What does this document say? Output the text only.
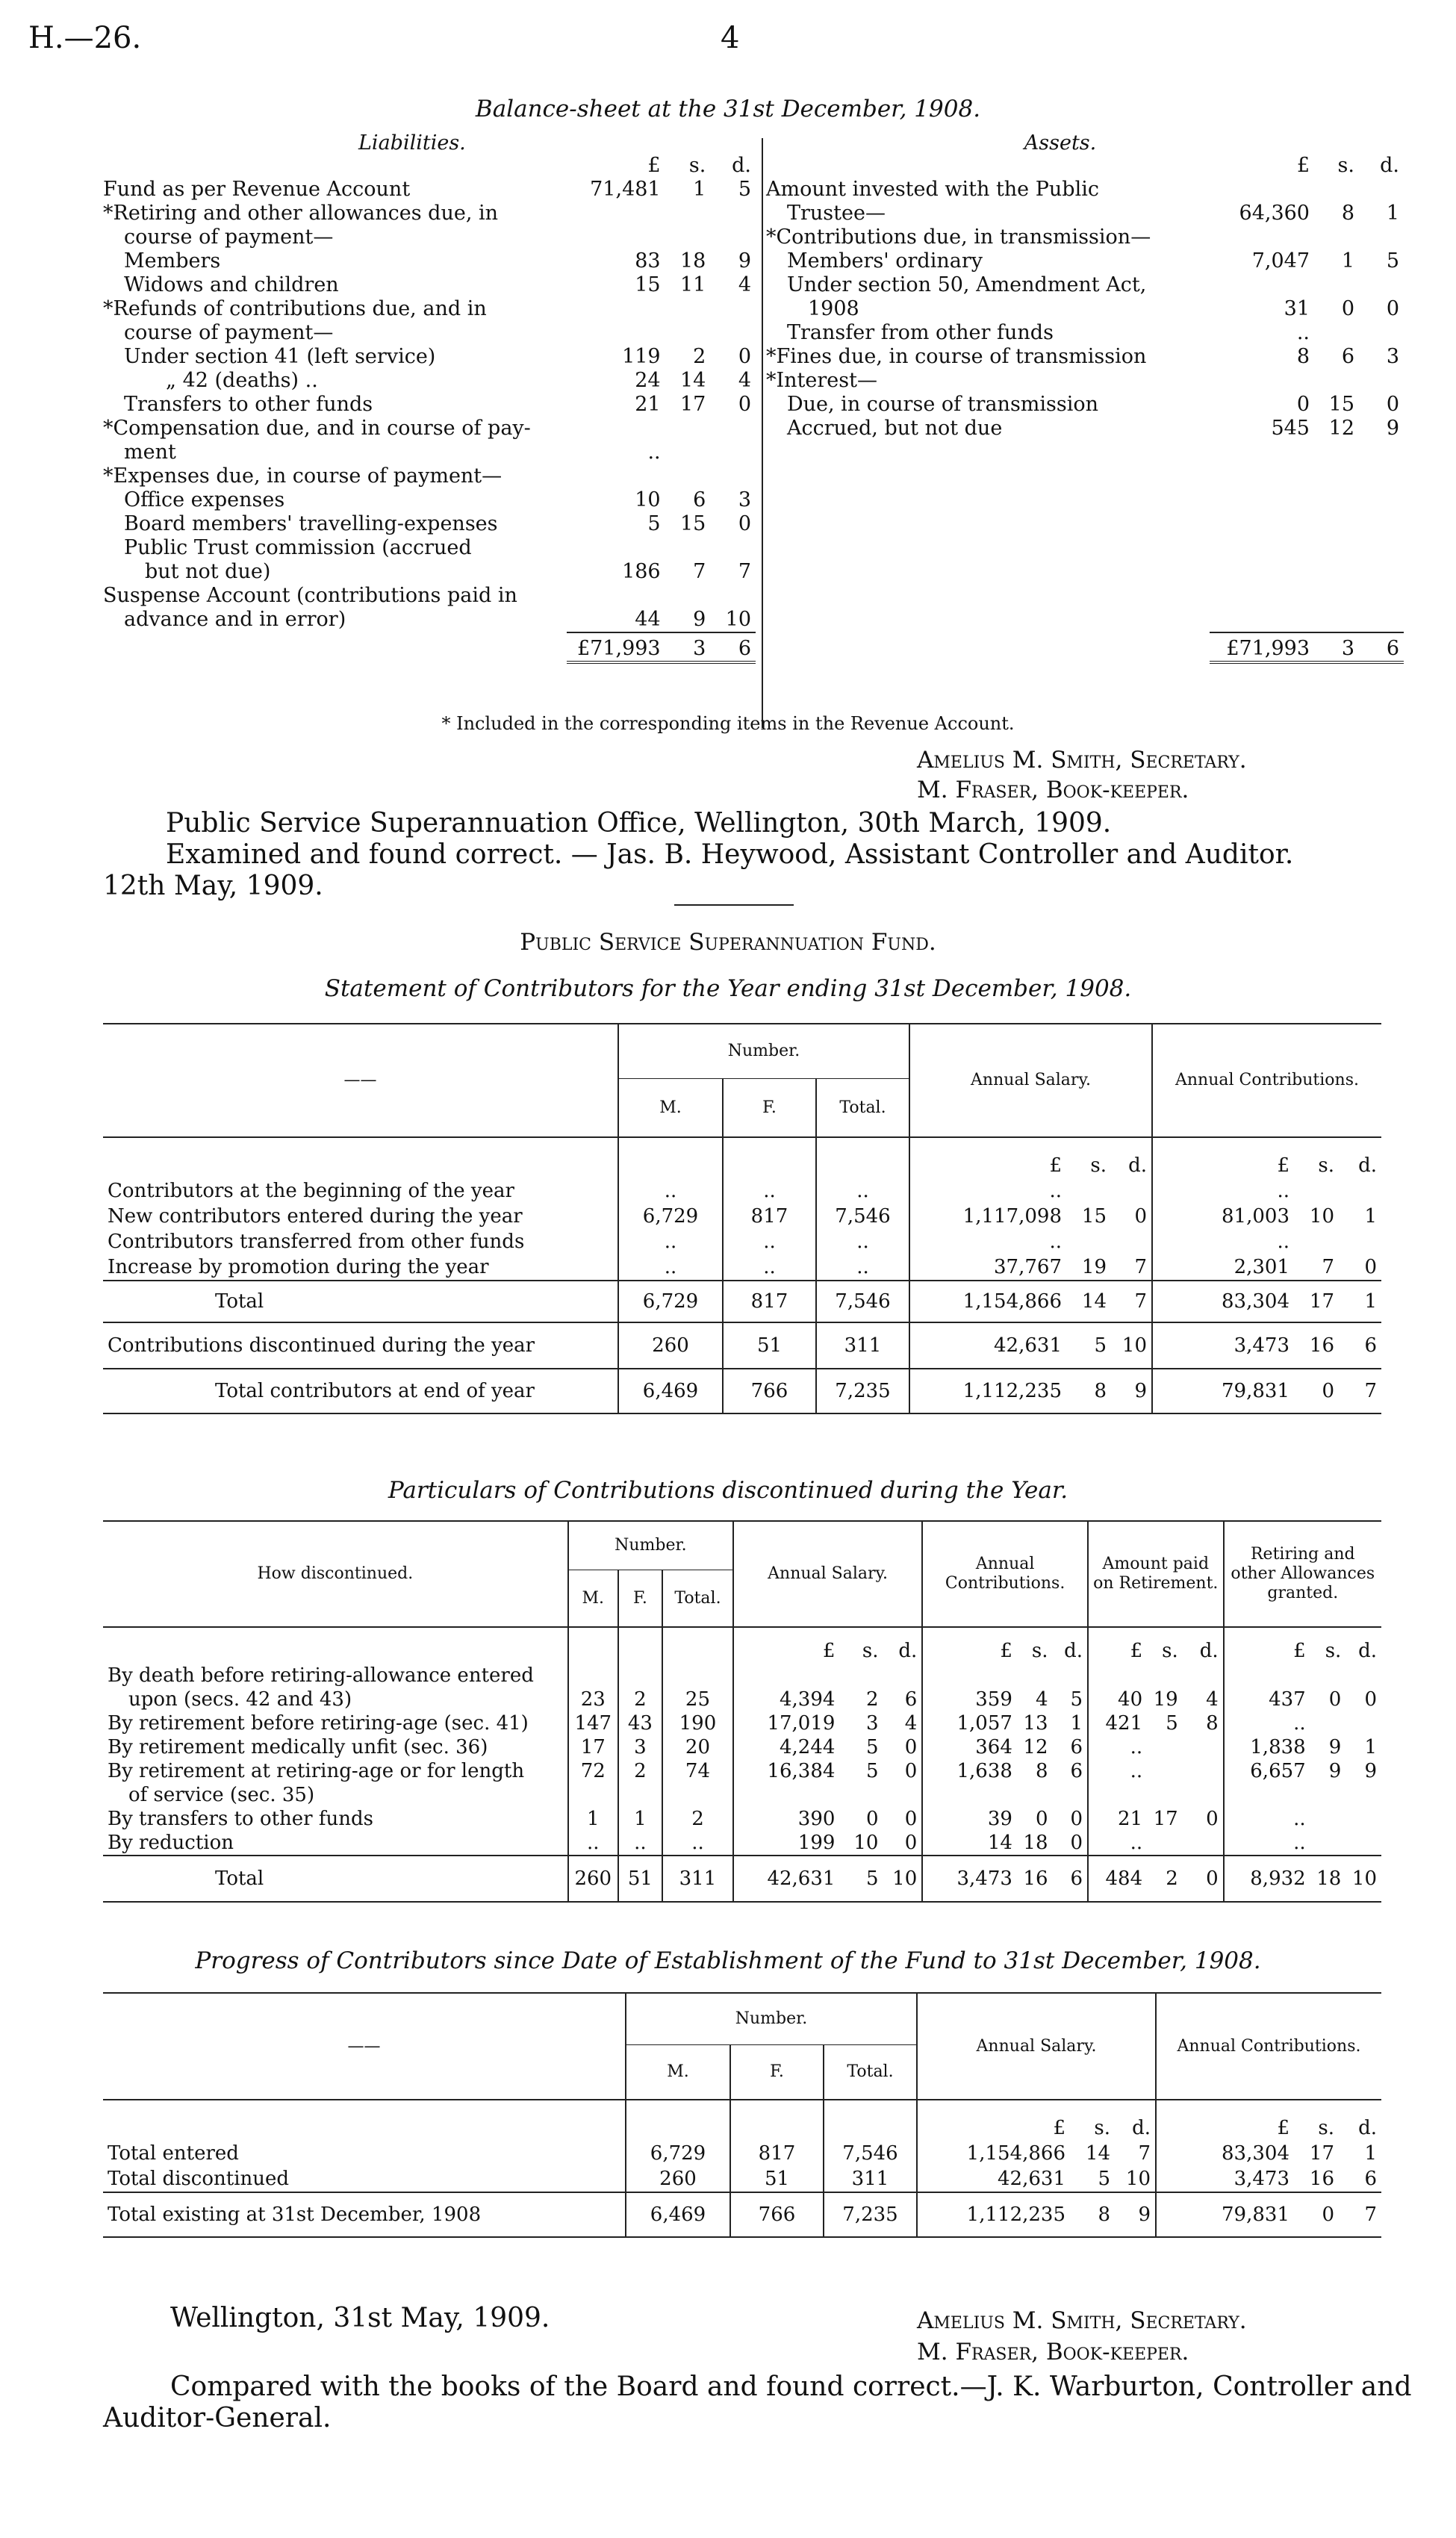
H.—26.	4
Balance-sheet at the 31st December, 1908.
Liabilities.	Assets.
	£	s.	d.
Fund as per Revenue Account	71,481	1	5
*Retiring and other allowances due, in			
course of payment—			
Members	83	18	9
Widows and children	15	11	4
*Refunds of contributions due, and in			
course of payment—			
Under section 41 (left service)	119	2	0
„ 42 (deaths) ..	24	14	4
Transfers to other funds	21	17	0
*Compensation due, and in course of pay-			
ment	..		
*Expenses due, in course of payment—			
Office expenses	10	6	3
Board members' travelling-expenses	5	15	0
Public Trust commission (accrued			
but not due)	186	7	7
Suspense Account (contributions paid in			
advance and in error)	44	9	10
	£71,993	3	6
	£	s.	d.
Amount invested with the Public			
Trustee—	64,360	8	1
*Contributions due, in transmission—			
Members' ordinary	7,047	1	5
Under section 50, Amendment Act,			
1908	31	0	0
Transfer from other funds	..		
*Fines due, in course of transmission	8	6	3
*Interest—			
Due, in course of transmission	0	15	0
Accrued, but not due	545	12	9

	£71,993	3	6
* Included in the corresponding items in the Revenue Account.
Amelius M. Smith, Secretary.
M. Fraser, Book-keeper.
Public Service Superannuation Office, Wellington, 30th March, 1909.
Examined and found correct. — Jas. B. Heywood, Assistant Controller and Auditor.
12th May, 1909.
Public Service Superannuation Fund.
Statement of Contributors for the Year ending 31st December, 1908.
——	Number.			Annual Salary.			Annual Contributions.		
	M.	F.	Total.						
				£	s.	d.	£	s.	d.
Contributors at the beginning of the year	..	..	..	..			..		
New contributors entered during the year	6,729	817	7,546	1,117,098	15	0	81,003	10	1
Contributors transferred from other funds	..	..	..	..			..		
Increase by promotion during the year	..	..	..	37,767	19	7	2,301	7	0
Total	6,729	817	7,546	1,154,866	14	7	83,304	17	1
Contributions discontinued during the year	260	51	311	42,631	5	10	3,473	16	6
Total contributors at end of year	6,469	766	7,235	1,112,235	8	9	79,831	0	7
Particulars of Contributions discontinued during the Year.
How discontinued.	Number.			Annual Salary.			Annual Contributions.			Amount paid on Retirement.			Retiring and other Allowances granted.		
	M.	F.	Total.												
				£	s.	d.	£	s.	d.	£	s.	d.	£	s.	d.
By death before retiring-allowance entered															
upon (secs. 42 and 43)	23	2	25	4,394	2	6	359	4	5	40	19	4	437	0	0
By retirement before retiring-age (sec. 41)	147	43	190	17,019	3	4	1,057	13	1	421	5	8	..		
By retirement medically unfit (sec. 36)	17	3	20	4,244	5	0	364	12	6	..			1,838	9	1
By retirement at retiring-age or for length	72	2	74	16,384	5	0	1,638	8	6	..			6,657	9	9
of service (sec. 35)															
By transfers to other funds	1	1	2	390	0	0	39	0	0	21	17	0	..		
By reduction	..	..	..	199	10	0	14	18	0	..			..		
Total	260	51	311	42,631	5	10	3,473	16	6	484	2	0	8,932	18	10
Progress of Contributors since Date of Establishment of the Fund to 31st December, 1908.
——	Number.			Annual Salary.			Annual Contributions.		
	M.	F.	Total.						
				£	s.	d.	£	s.	d.
Total entered	6,729	817	7,546	1,154,866	14	7	83,304	17	1
Total discontinued	260	51	311	42,631	5	10	3,473	16	6
Total existing at 31st December, 1908	6,469	766	7,235	1,112,235	8	9	79,831	0	7
Wellington, 31st May, 1909.	Amelius M. Smith, Secretary.
M. Fraser, Book-keeper.
Compared with the books of the Board and found correct.—J. K. Warburton, Controller and
Auditor-General.
